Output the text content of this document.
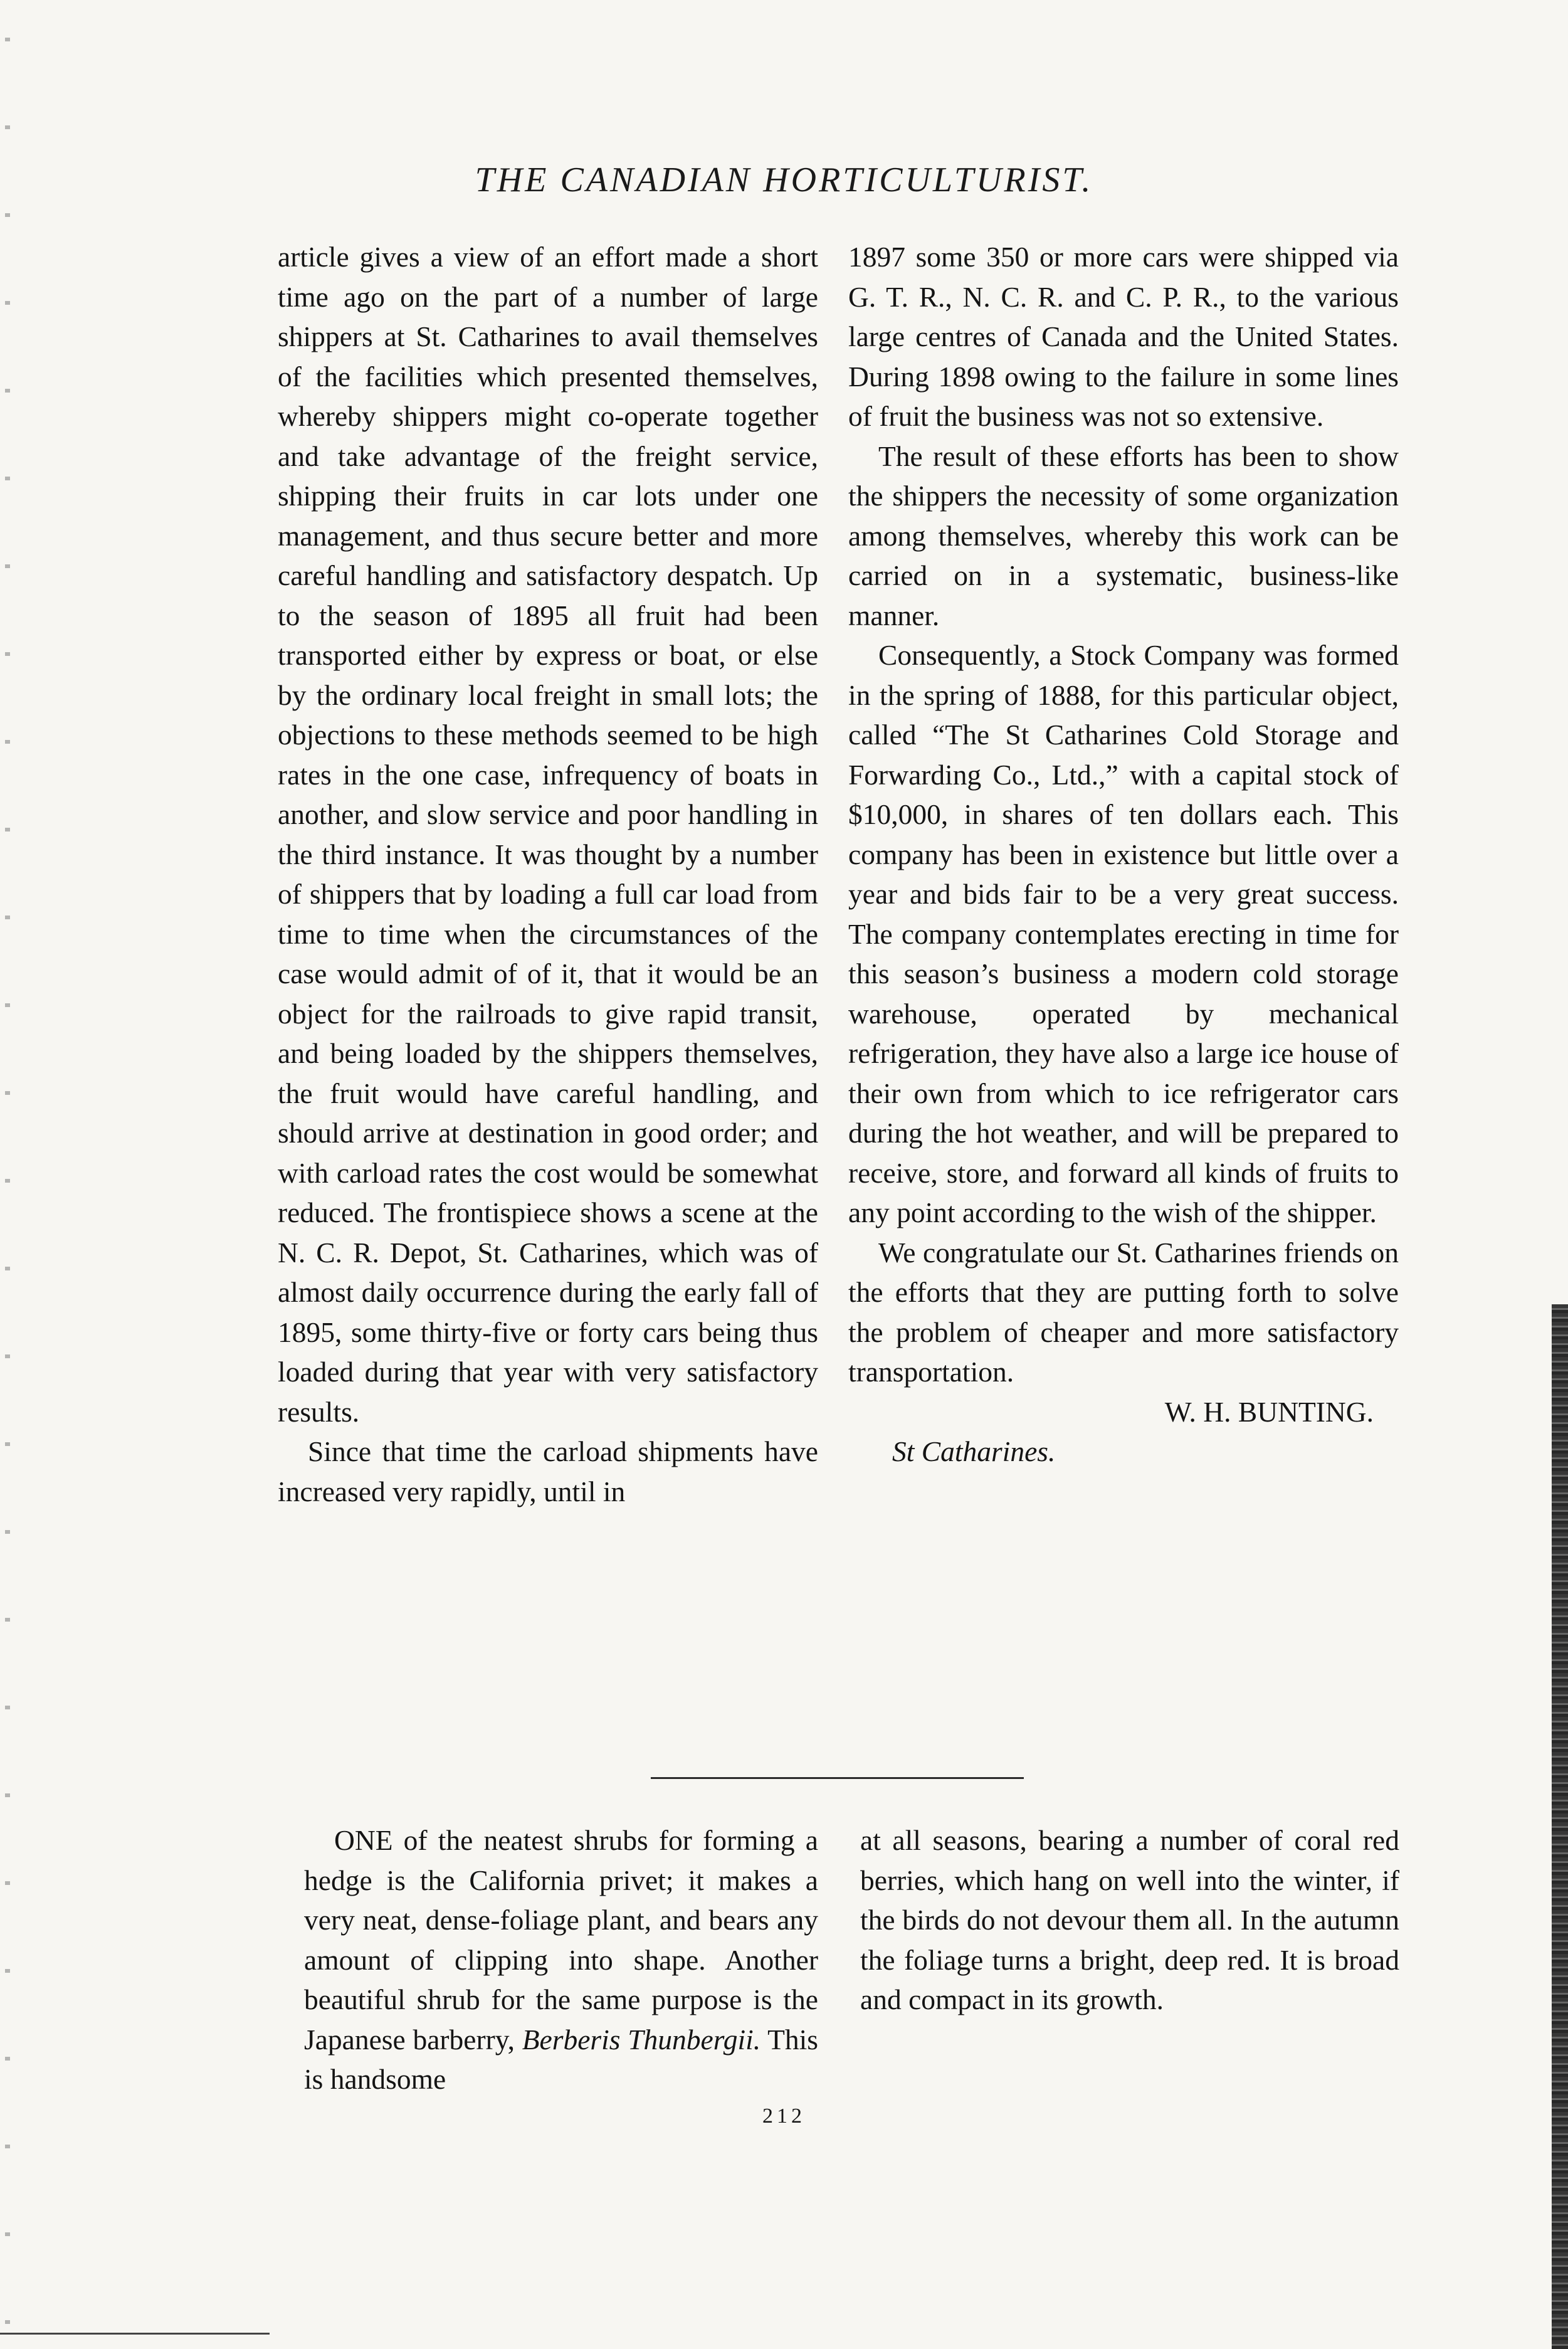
THE CANADIAN HORTICULTURIST.

article gives a view of an effort made a short time ago on the part of a number of large shippers at St. Catharines to avail themselves of the facilities which presented themselves, whereby shippers might co-operate together and take advantage of the freight service, shipping their fruits in car lots under one management, and thus secure better and more careful handling and satisfactory despatch. Up to the season of 1895 all fruit had been transported either by express or boat, or else by the ordinary local freight in small lots; the objections to these methods seemed to be high rates in the one case, infrequency of boats in another, and slow service and poor handling in the third instance. It was thought by a number of shippers that by loading a full car load from time to time when the circumstances of the case would admit of of it, that it would be an object for the railroads to give rapid transit, and being loaded by the shippers themselves, the fruit would have careful handling, and should arrive at destination in good order; and with carload rates the cost would be somewhat reduced. The frontispiece shows a scene at the N. C. R. Depot, St. Catharines, which was of almost daily occurrence during the early fall of 1895, some thirty-five or forty cars being thus loaded during that year with very satisfactory results.

Since that time the carload shipments have increased very rapidly, until in

1897 some 350 or more cars were shipped via G. T. R., N. C. R. and C. P. R., to the various large centres of Canada and the United States. During 1898 owing to the failure in some lines of fruit the business was not so extensive.

The result of these efforts has been to show the shippers the necessity of some organization among themselves, whereby this work can be carried on in a systematic, business-like manner.

Consequently, a Stock Company was formed in the spring of 1888, for this particular object, called “The St Catharines Cold Storage and Forwarding Co., Ltd.,” with a capital stock of $10,000, in shares of ten dollars each. This company has been in existence but little over a year and bids fair to be a very great success. The company contemplates erecting in time for this season’s business a modern cold storage warehouse, operated by mechanical refrigeration, they have also a large ice house of their own from which to ice refrigerator cars during the hot weather, and will be prepared to receive, store, and forward all kinds of fruits to any point according to the wish of the shipper.

We congratulate our St. Catharines friends on the efforts that they are putting forth to solve the problem of cheaper and more satisfactory transportation.

W. H. BUNTING.

St Catharines.

ONE of the neatest shrubs for forming a hedge is the California privet; it makes a very neat, dense-foliage plant, and bears any amount of clipping into shape. Another beautiful shrub for the same purpose is the Japanese barberry, Berberis Thunbergii. This is handsome

at all seasons, bearing a number of coral red berries, which hang on well into the winter, if the birds do not devour them all. In the autumn the foliage turns a bright, deep red. It is broad and compact in its growth.

212
